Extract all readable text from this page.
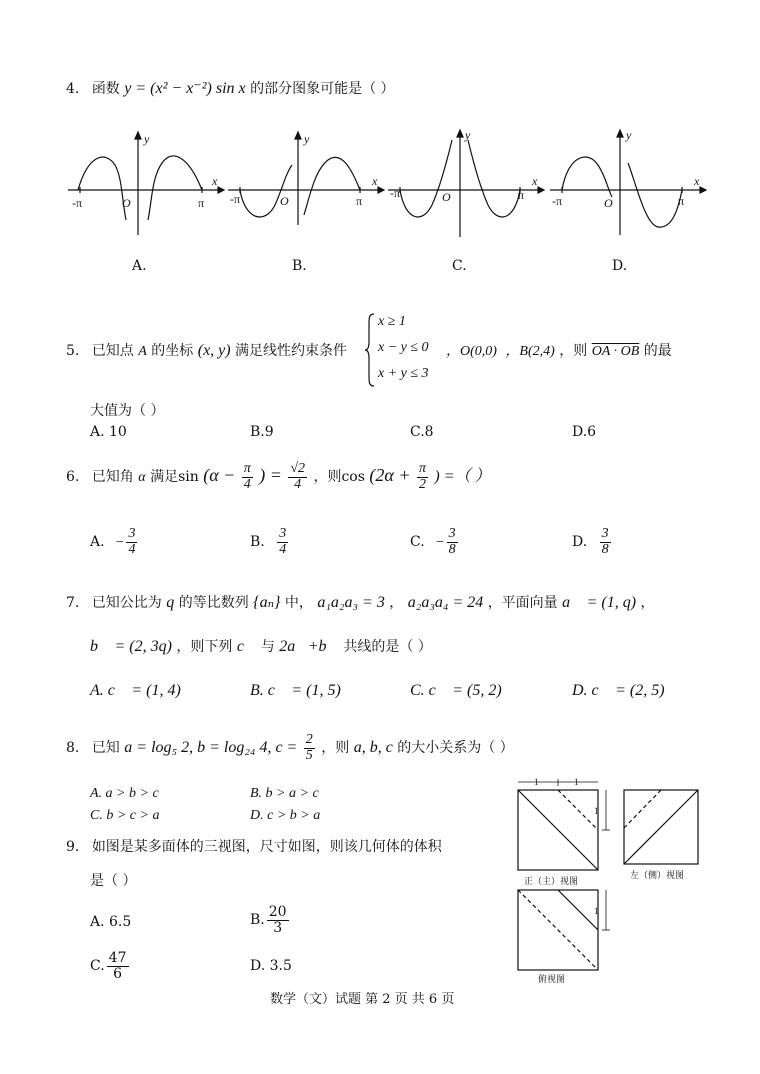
4. 函数 y = (x² − x⁻²) sin x 的部分图象可能是（ ）
y
x
O
-π	π
y
x
O
-π	π
y
x
O
-π	π
y
x
O
-π	π
A.	B.	C.	D.
5. 已知点 A 的坐标 (x, y) 满足线性约束条件
x ≥ 1
x − y ≤ 0
x + y ≤ 3
，O(0,0) ，B(2,4) ，则 OA · OB 的最
大值为（ ）
A. 10	B.9	C.8	D.6
6. 已知角 α 满足$\sin (\alpha - \frac{\pi}{4}$ ) = $\frac{√2}{4}$ ，则$\cos (2\alpha + \frac{\pi}{2}$ ) =（ ）
A. − $\frac{3}{4}$	B. $\frac{3}{4}$	C. − $\frac{3}{8}$	D. $\frac{3}{8}$
7. 已知公比为 q 的等比数列 {aₙ} 中， a₁a₂a₃ = 3 ， a₂a₃a₄ = 24 ，平面向量 a⃗ = (1, q) ，
b⃗ = (2, 3q) ，则下列 c⃗ 与 2a⃗+b⃗ 共线的是（ ）
A. c⃗ = (1, 4)	B. c⃗ = (1, 5)	C. c⃗ = (5, 2)	D. c⃗ = (2, 5)
8. 已知 a = log₅ 2, b = log₂₄ 4, $c = \frac{2}{5}$ ，则 a, b, c 的大小关系为（ ）
A. a > b > c	B. b > a > c
C. b > c > a	D. c > b > a
9. 如图是某多面体的三视图，尺寸如图，则该几何体的体积
是（ ）
A. 6.5	B. $\frac{20}{3}$
C. $\frac{47}{6}$	D. 3.5
1	1
1
1
正（主）视图
左（侧）视图
俯视图
数学（文）试题 第 2 页 共 6 页
